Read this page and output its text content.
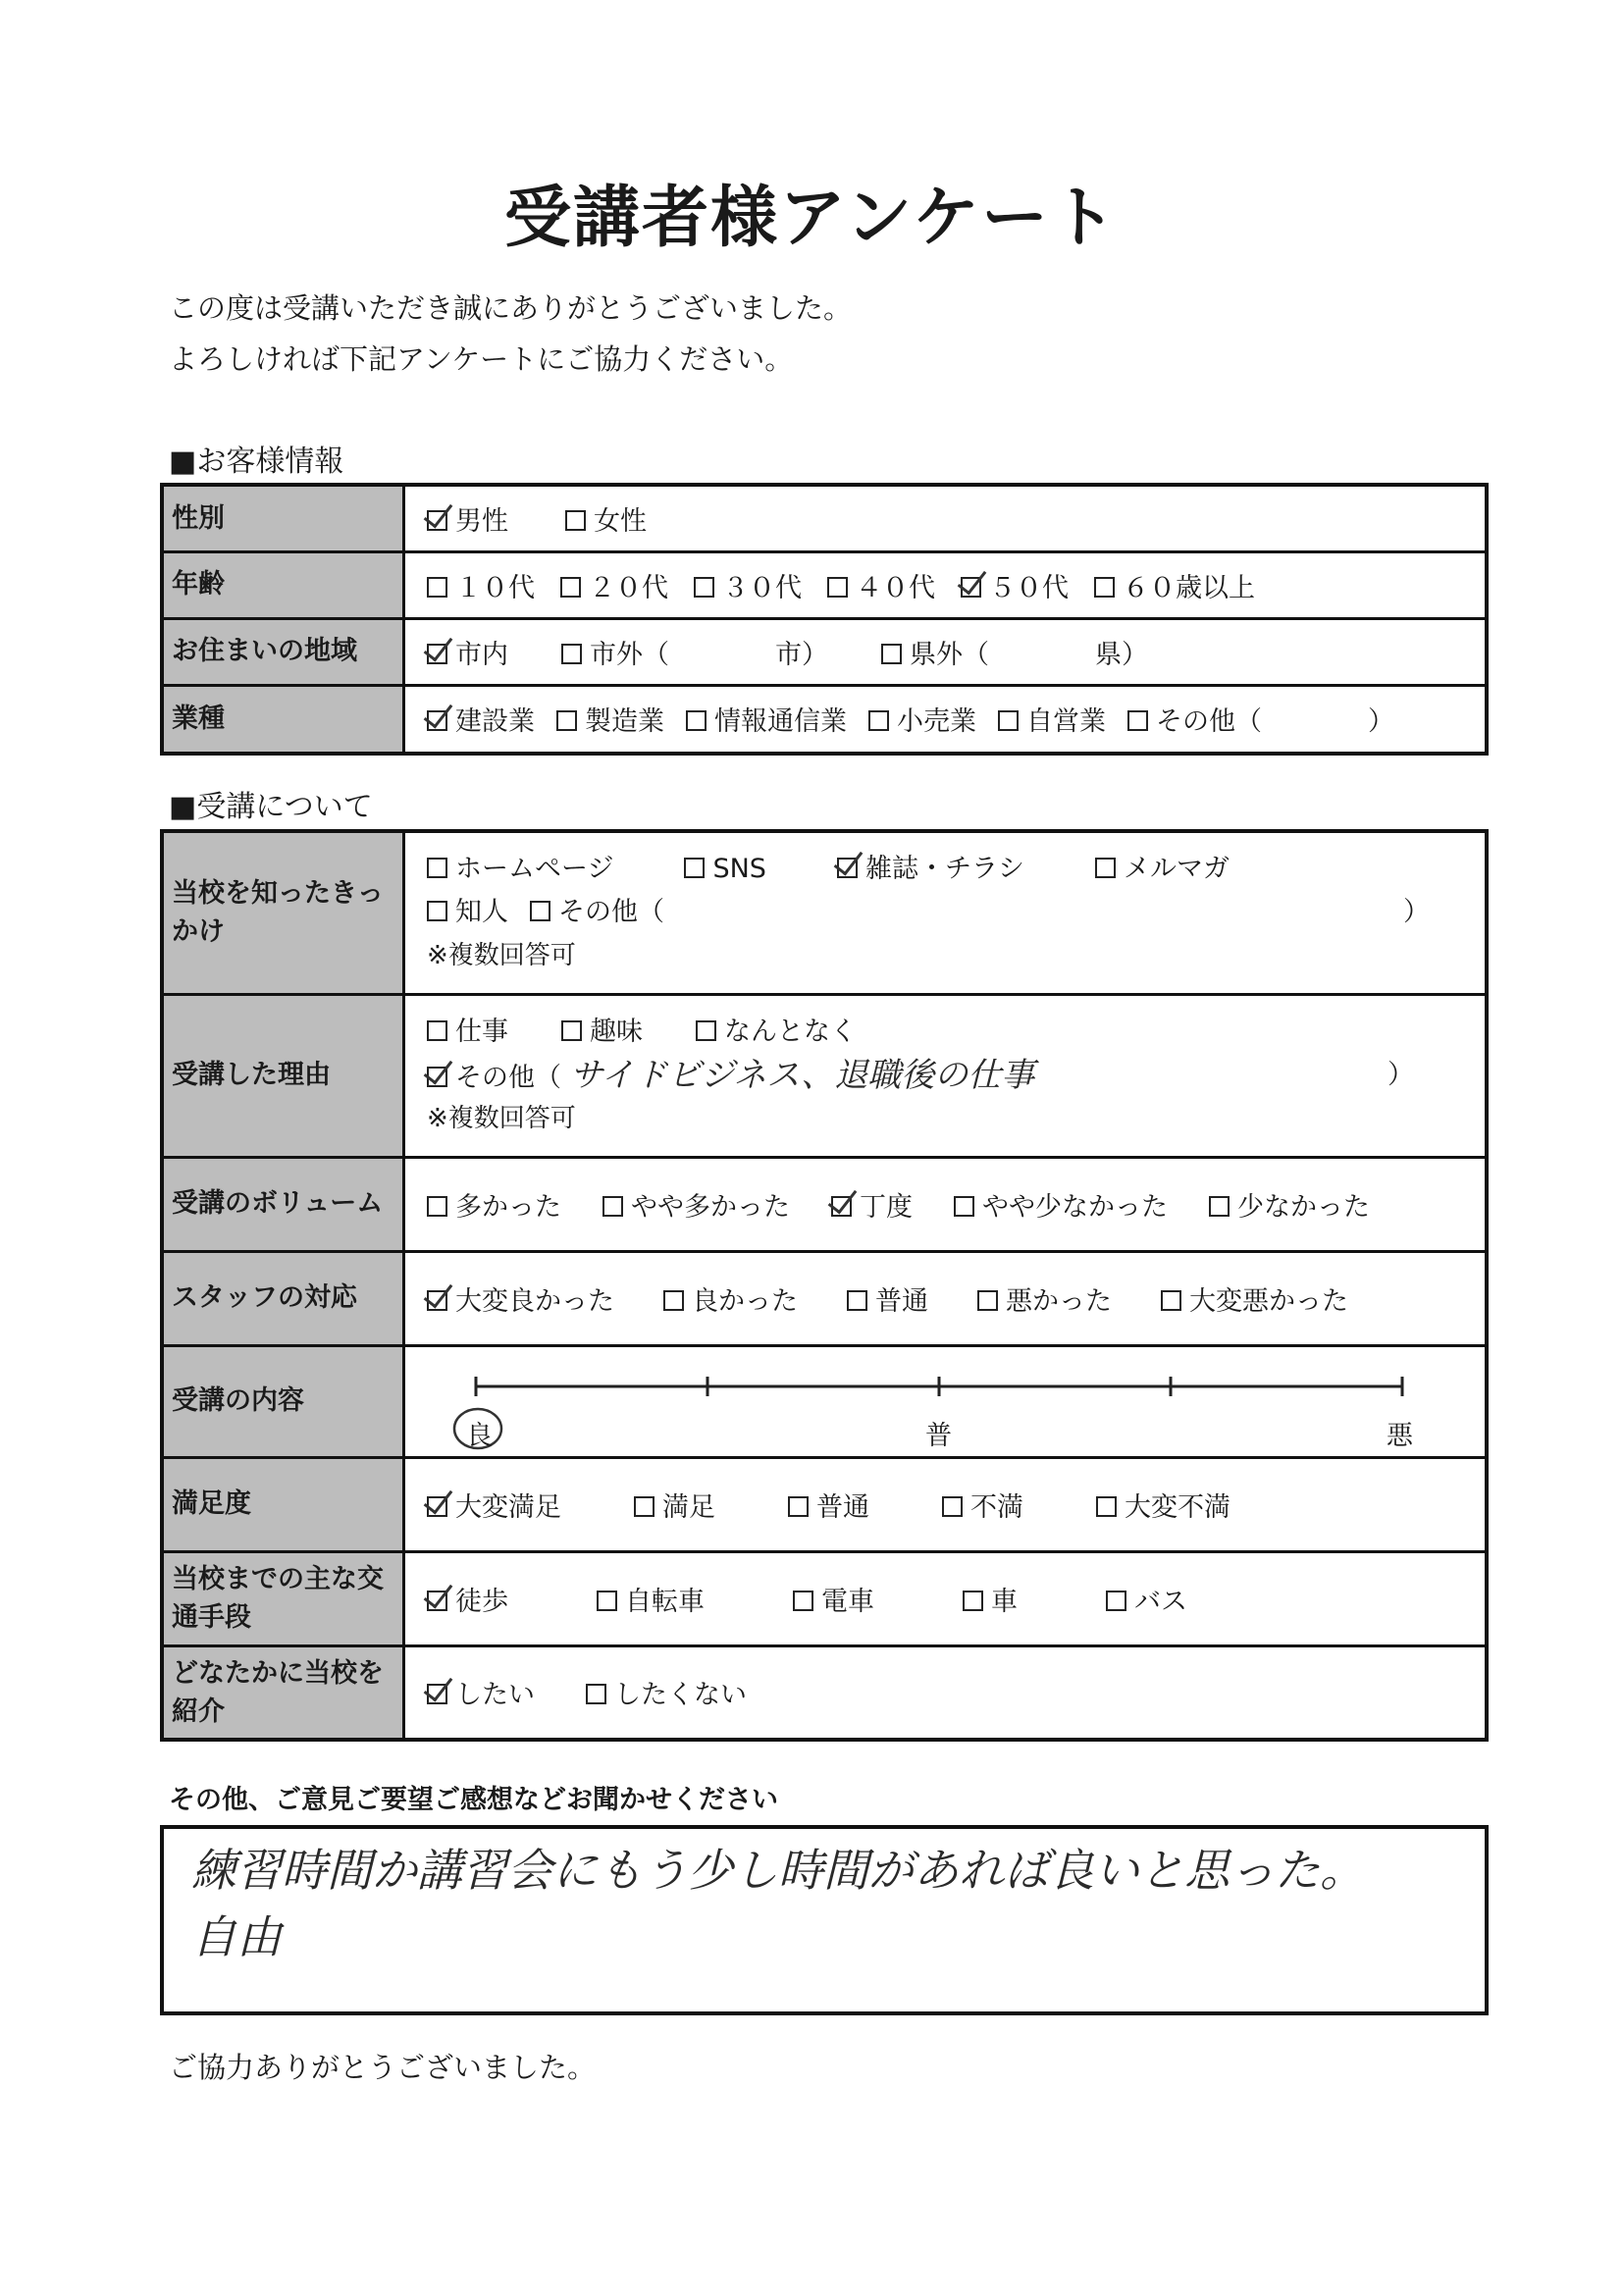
受講者様アンケート
この度は受講いただき誠にありがとうございました。
よろしければ下記アンケートにご協力ください。
■お客様情報
性別	男性 女性
年齢	１０代 ２０代 ３０代 ４０代 ５０代 ６０歳以上
お住まいの地域	市内 市外（　　　　市） 県外（　　　　県）
業種	建設業 製造業 情報通信業 小売業 自営業 その他（　　　　）
■受講について
当校を知ったきっかけ	ホームページ SNS 雑誌・チラシ メルマガ
知人 その他（ ）
※複数回答可

受講した理由	仕事 趣味 なんとなく
その他（ サイドビジネス、退職後の仕事 ）
※複数回答可

受講のボリューム	多かった やや多かった 丁度 やや少なかった 少なかった
スタッフの対応	大変良かった 良かった 普通 悪かった 大変悪かった
受講の内容	良 普 悪

満足度	大変満足 満足 普通 不満 大変不満
当校までの主な交通手段	徒歩 自転車 電車 車 バス
どなたかに当校を紹介	したい したくない
その他、ご意見ご要望ご感想などお聞かせください
練習時間か講習会にもう少し時間があれば良いと思った。
自由
ご協力ありがとうございました。
